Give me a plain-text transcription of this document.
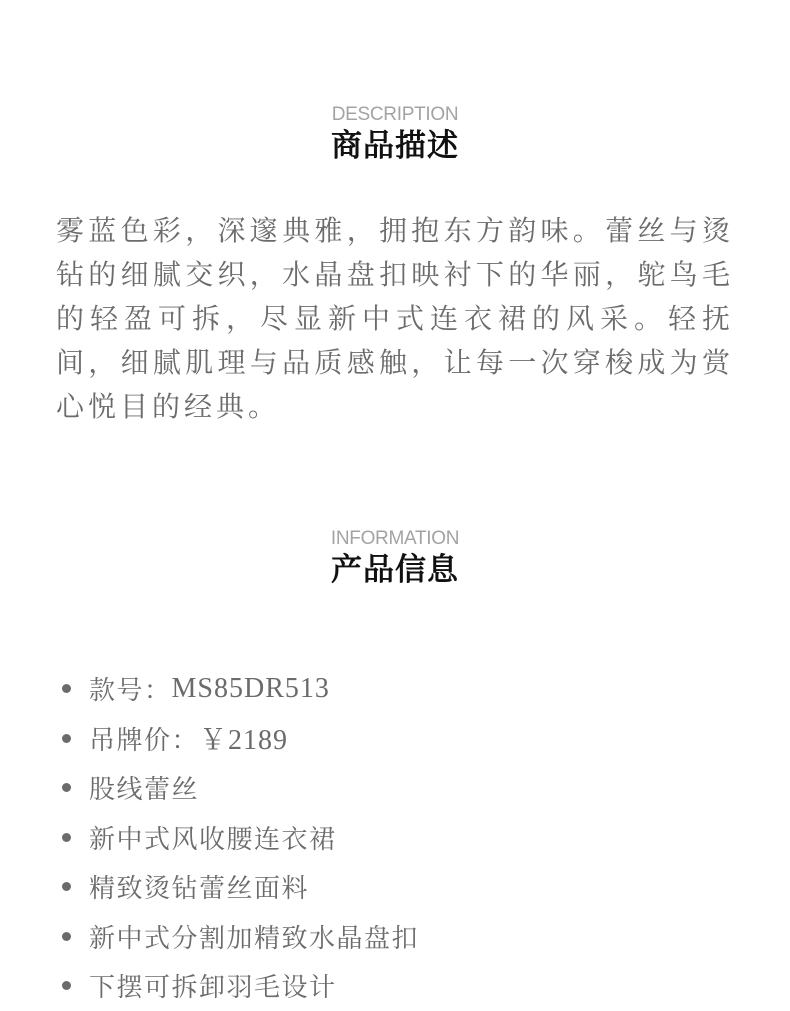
DESCRIPTION
商品描述

雾蓝色彩，深邃典雅，拥抱东方韵味。蕾丝与烫钻的细腻交织，水晶盘扣映衬下的华丽，鸵鸟毛的轻盈可拆，尽显新中式连衣裙的风采。轻抚间，细腻肌理与品质感触，让每一次穿梭成为赏心悦目的经典。

INFORMATION
产品信息
款号： MS85DR513
吊牌价： ￥2189
股线蕾丝
新中式风收腰连衣裙
精致烫钻蕾丝面料
新中式分割加精致水晶盘扣
下摆可拆卸羽毛设计
